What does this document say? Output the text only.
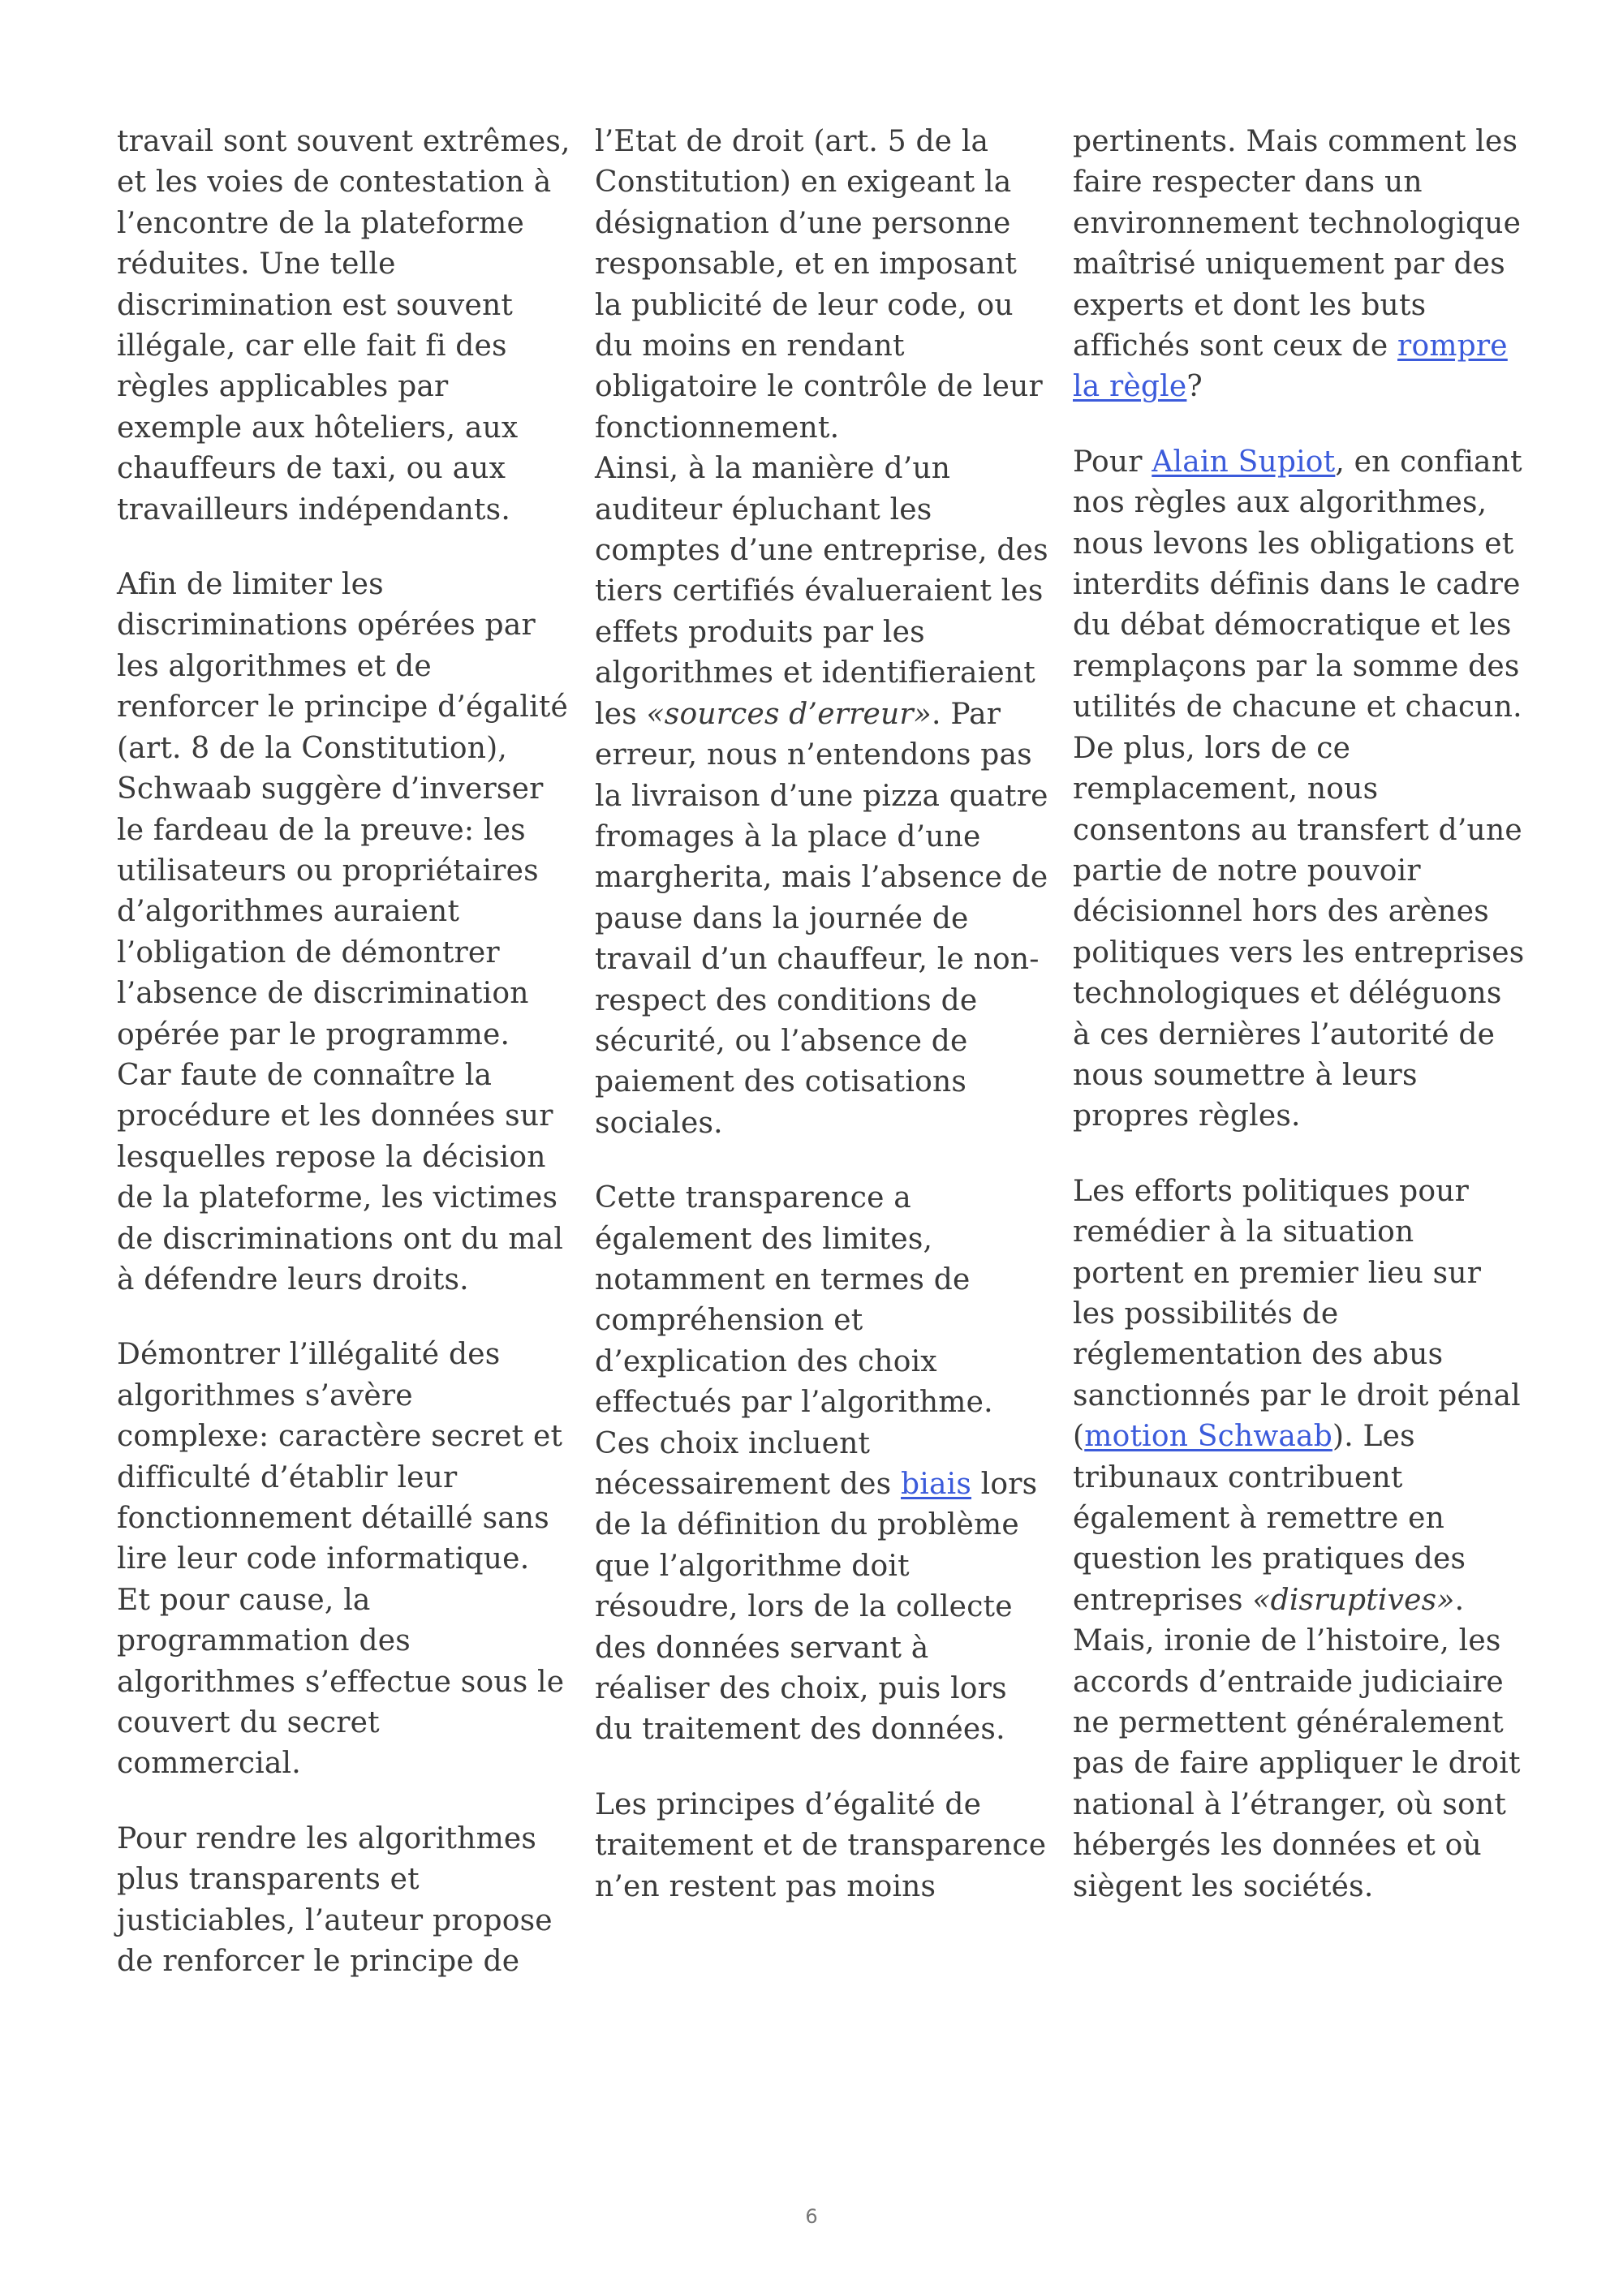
travail sont souvent extrêmes, et les voies de contestation à l’encontre de la plateforme réduites. Une telle discrimination est souvent illégale, car elle fait fi des règles applicables par exemple aux hôteliers, aux chauffeurs de taxi, ou aux travailleurs indépendants.

Afin de limiter les discriminations opérées par les algorithmes et de renforcer le principe d’égalité (art. 8 de la Constitution), Schwaab suggère d’inverser le fardeau de la preuve: les utilisateurs ou propriétaires d’algorithmes auraient l’obligation de démontrer l’absence de discrimination opérée par le programme. Car faute de connaître la procédure et les données sur lesquelles repose la décision de la plateforme, les victimes de discriminations ont du mal à défendre leurs droits.

Démontrer l’illégalité des algorithmes s’avère complexe: caractère secret et difficulté d’établir leur fonctionnement détaillé sans lire leur code informatique. Et pour cause, la programmation des algorithmes s’effectue sous le couvert du secret commercial.

Pour rendre les algorithmes plus transparents et justiciables, l’auteur propose de renforcer le principe de

l’Etat de droit (art. 5 de la Constitution) en exigeant la désignation d’une personne responsable, et en imposant la publicité de leur code, ou du moins en rendant obligatoire le contrôle de leur fonctionnement.

Ainsi, à la manière d’un auditeur épluchant les comptes d’une entreprise, des tiers certifiés évalueraient les effets produits par les algorithmes et identifieraient les «sources d’erreur». Par erreur, nous n’entendons pas la livraison d’une pizza quatre fromages à la place d’une margherita, mais l’absence de pause dans la journée de travail d’un chauffeur, le non-respect des conditions de sécurité, ou l’absence de paiement des cotisations sociales.

Cette transparence a également des limites, notamment en termes de compréhension et d’explication des choix effectués par l’algorithme. Ces choix incluent nécessairement des biais lors de la définition du problème que l’algorithme doit résoudre, lors de la collecte des données servant à réaliser des choix, puis lors du traitement des données.

Les principes d’égalité de traitement et de transparence n’en restent pas moins

pertinents. Mais comment les faire respecter dans un environnement technologique maîtrisé uniquement par des experts et dont les buts affichés sont ceux de rompre la règle?

Pour Alain Supiot, en confiant nos règles aux algorithmes, nous levons les obligations et interdits définis dans le cadre du débat démocratique et les remplaçons par la somme des utilités de chacune et chacun. De plus, lors de ce remplacement, nous consentons au transfert d’une partie de notre pouvoir décisionnel hors des arènes politiques vers les entreprises technologiques et déléguons à ces dernières l’autorité de nous soumettre à leurs propres règles.

Les efforts politiques pour remédier à la situation portent en premier lieu sur les possibilités de réglementation des abus sanctionnés par le droit pénal (motion Schwaab). Les tribunaux contribuent également à remettre en question les pratiques des entreprises «disruptives». Mais, ironie de l’histoire, les accords d’entraide judiciaire ne permettent généralement pas de faire appliquer le droit national à l’étranger, où sont hébergés les données et où siègent les sociétés.

6
